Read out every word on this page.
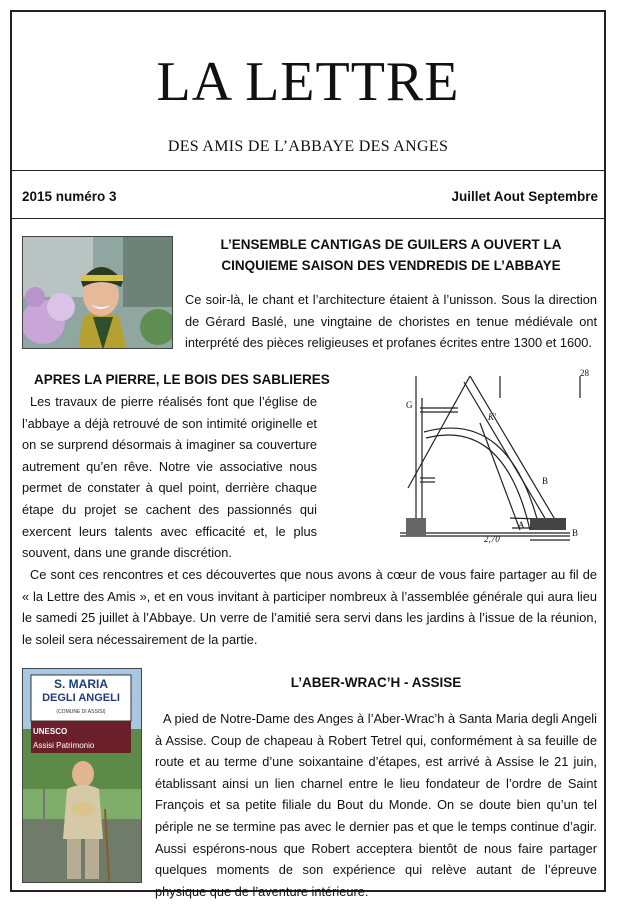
LA LETTRE
DES AMIS DE L’ABBAYE DES ANGES
2015 numéro 3	Juillet Aout Septembre
L’ENSEMBLE CANTIGAS DE GUILERS A OUVERT LA
CINQUIEME SAISON DES VENDREDIS DE L’ABBAYE
Ce soir-là, le chant et l’architecture étaient à l’unisson. Sous la direction de Gérard Baslé, une vingtaine de choristes en tenue médiévale ont interprété des pièces religieuses et profanes écrites entre 1300 et 1600.
APRES LA PIERRE, LE BOIS DES SABLIERES
Les travaux de pierre réalisés font que l’église de l’abbaye a déjà retrouvé de son intimité originelle et on se surprend désormais à imaginer sa couverture autrement qu’en rêve. Notre vie associative nous permet de constater à quel point, derrière chaque étape du projet se cachent des passionnés qui exercent leurs talents avec efficacité et, le plus souvent, dans une grande discrétion.
28
G
K'
B
A
B
2,70
Ce sont ces rencontres et ces découvertes que nous avons à cœur de vous faire partager au fil de « la Lettre des Amis », et en vous invitant à participer nombreux à l’assemblée générale qui aura lieu le samedi 25 juillet à l’Abbaye. Un verre de l’amitié sera servi dans les jardins à l’issue de la réunion, le soleil sera nécessairement de la partie.
S. MARIA
DEGLI ANGELI
(COMUNE DI ASSISI)
UNESCO
Assisi Patrimonio
L’ABER-WRAC’H - ASSISE
A pied de Notre-Dame des Anges à l’Aber-Wrac’h à Santa Maria degli Angeli à Assise. Coup de chapeau à Robert Tetrel qui, conformément à sa feuille de route et au terme d’une soixantaine d’étapes, est arrivé à Assise le 21 juin, établissant ainsi un lien charnel entre le lieu fondateur de l’ordre de Saint François et sa petite filiale du Bout du Monde. On se doute bien qu’un tel périple ne se termine pas avec le dernier pas et que le temps continue d’agir. Aussi espérons-nous que Robert acceptera bientôt de nous faire partager quelques moments de son expérience qui relève autant de l’épreuve physique que de l’aventure intérieure.
